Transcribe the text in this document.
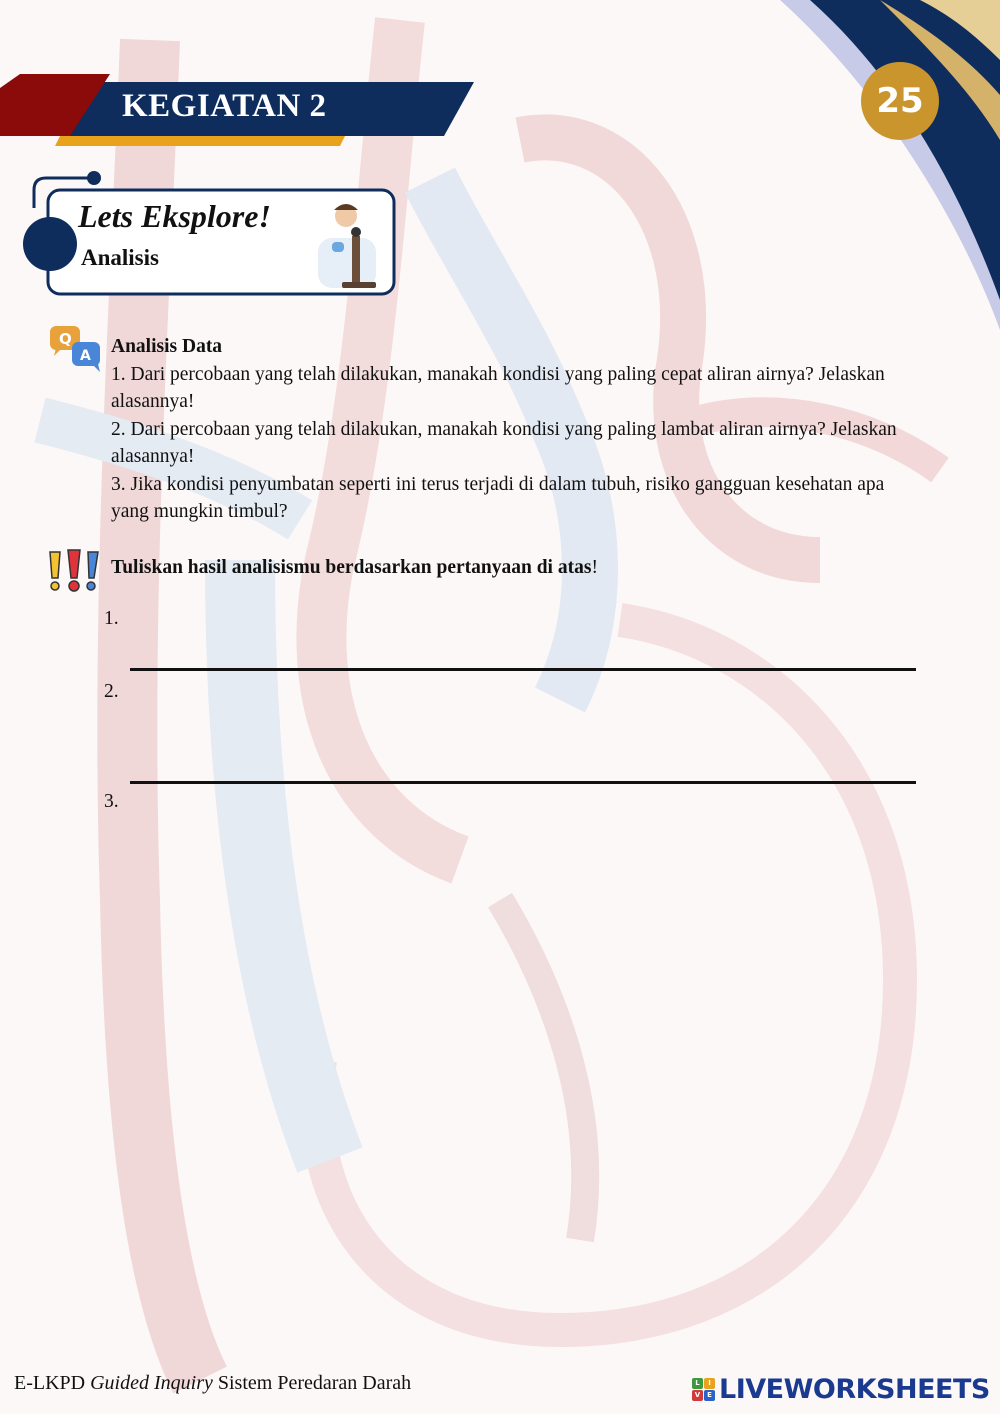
KEGIATAN 2	25
Lets Eksplore!
Analisis
Q
A Analisis Data

1. Dari percobaan yang telah dilakukan, manakah kondisi yang paling cepat aliran airnya? Jelaskan alasannya!

2. Dari percobaan yang telah dilakukan, manakah kondisi yang paling lambat aliran airnya? Jelaskan alasannya!

3. Jika kondisi penyumbatan seperti ini terus terjadi di dalam tubuh, risiko gangguan kesehatan apa yang mungkin timbul?

Tuliskan hasil analisismu berdasarkan pertanyaan di atas!
1.
2.
3.
E-LKPD Guided Inquiry Sistem Peredaran Darah	L	I
V E LIVEWORKSHEETS
